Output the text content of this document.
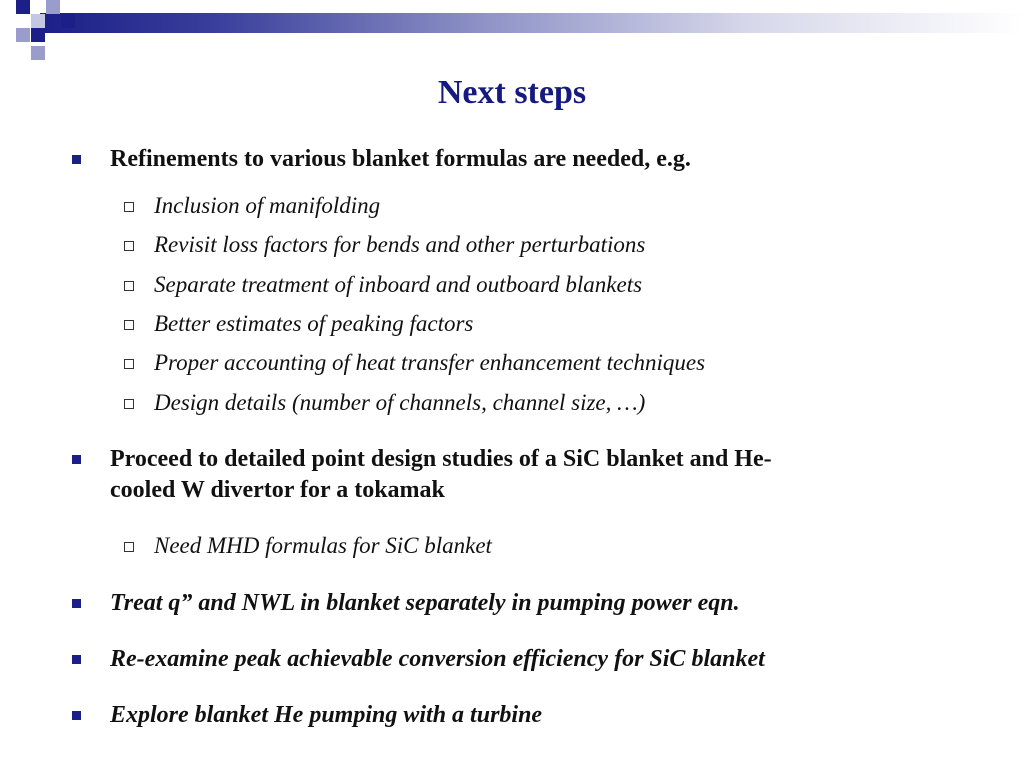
Next steps
Refinements to various blanket formulas are needed, e.g.
Inclusion of manifolding
Revisit loss factors for bends and other perturbations
Separate treatment of inboard and outboard blankets
Better estimates of peaking factors
Proper accounting of heat transfer enhancement techniques
Design details (number of channels, channel size, …)
Proceed to detailed point design studies of a SiC blanket and He-
cooled W divertor for a tokamak
Need MHD formulas for SiC blanket
Treat q” and NWL in blanket separately in pumping power eqn.
Re-examine peak achievable conversion efficiency for SiC blanket
Explore blanket He pumping with a turbine
